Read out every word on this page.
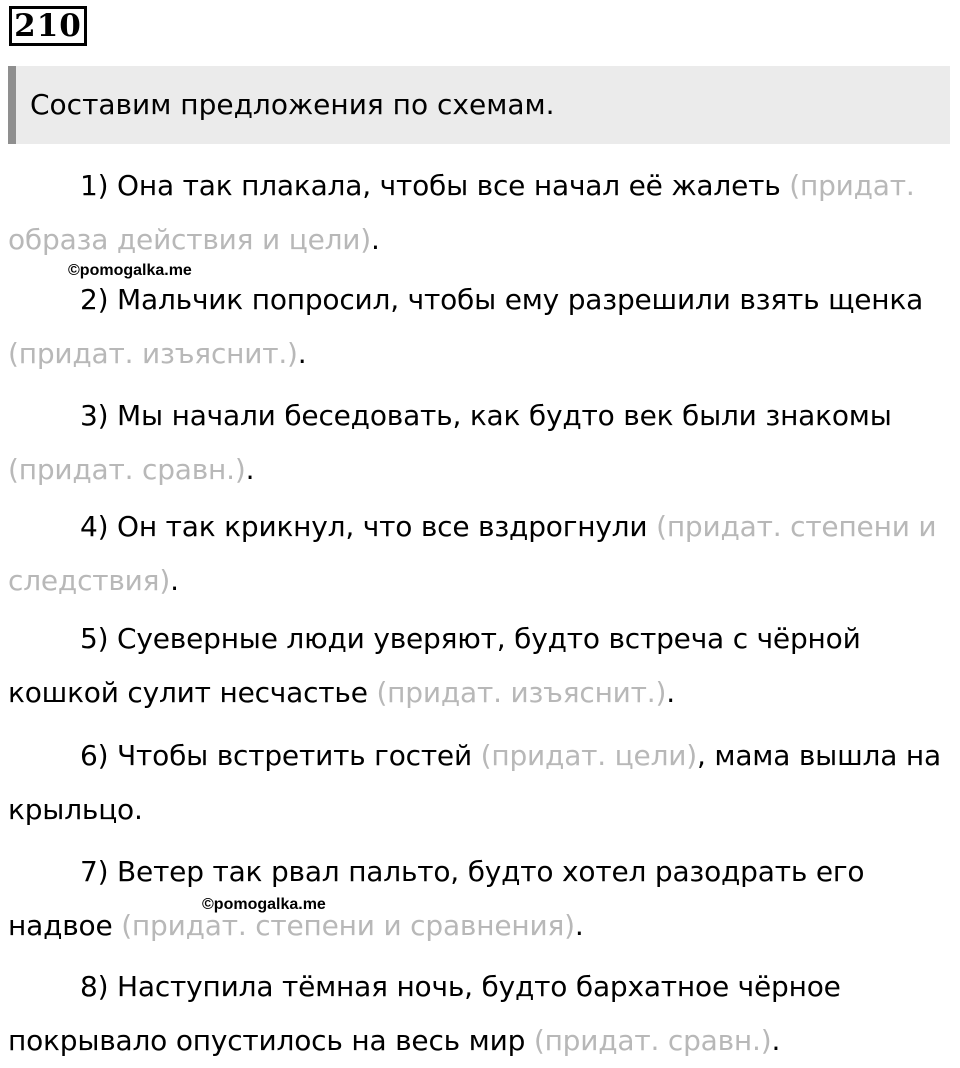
210
Составим предложения по схемам.

1) Она так плакала, чтобы все начал её жалеть (придат. образа действия и цели).

2) Мальчик попросил, чтобы ему разрешили взять щенка (придат. изъяснит.).

3) Мы начали беседовать, как будто век были знакомы (придат. сравн.).

4) Он так крикнул, что все вздрогнули (придат. степени и следствия).

5) Суеверные люди уверяют, будто встреча с чёрной кошкой сулит несчастье (придат. изъяснит.).

6) Чтобы встретить гостей (придат. цели), мама вышла на крыльцо.

7) Ветер так рвал пальто, будто хотел разодрать его надвое (придат. степени и сравнения).

8) Наступила тёмная ночь, будто бархатное чёрное покрывало опустилось на весь мир (придат. сравн.).

©pomogalka.me
©pomogalka.me
